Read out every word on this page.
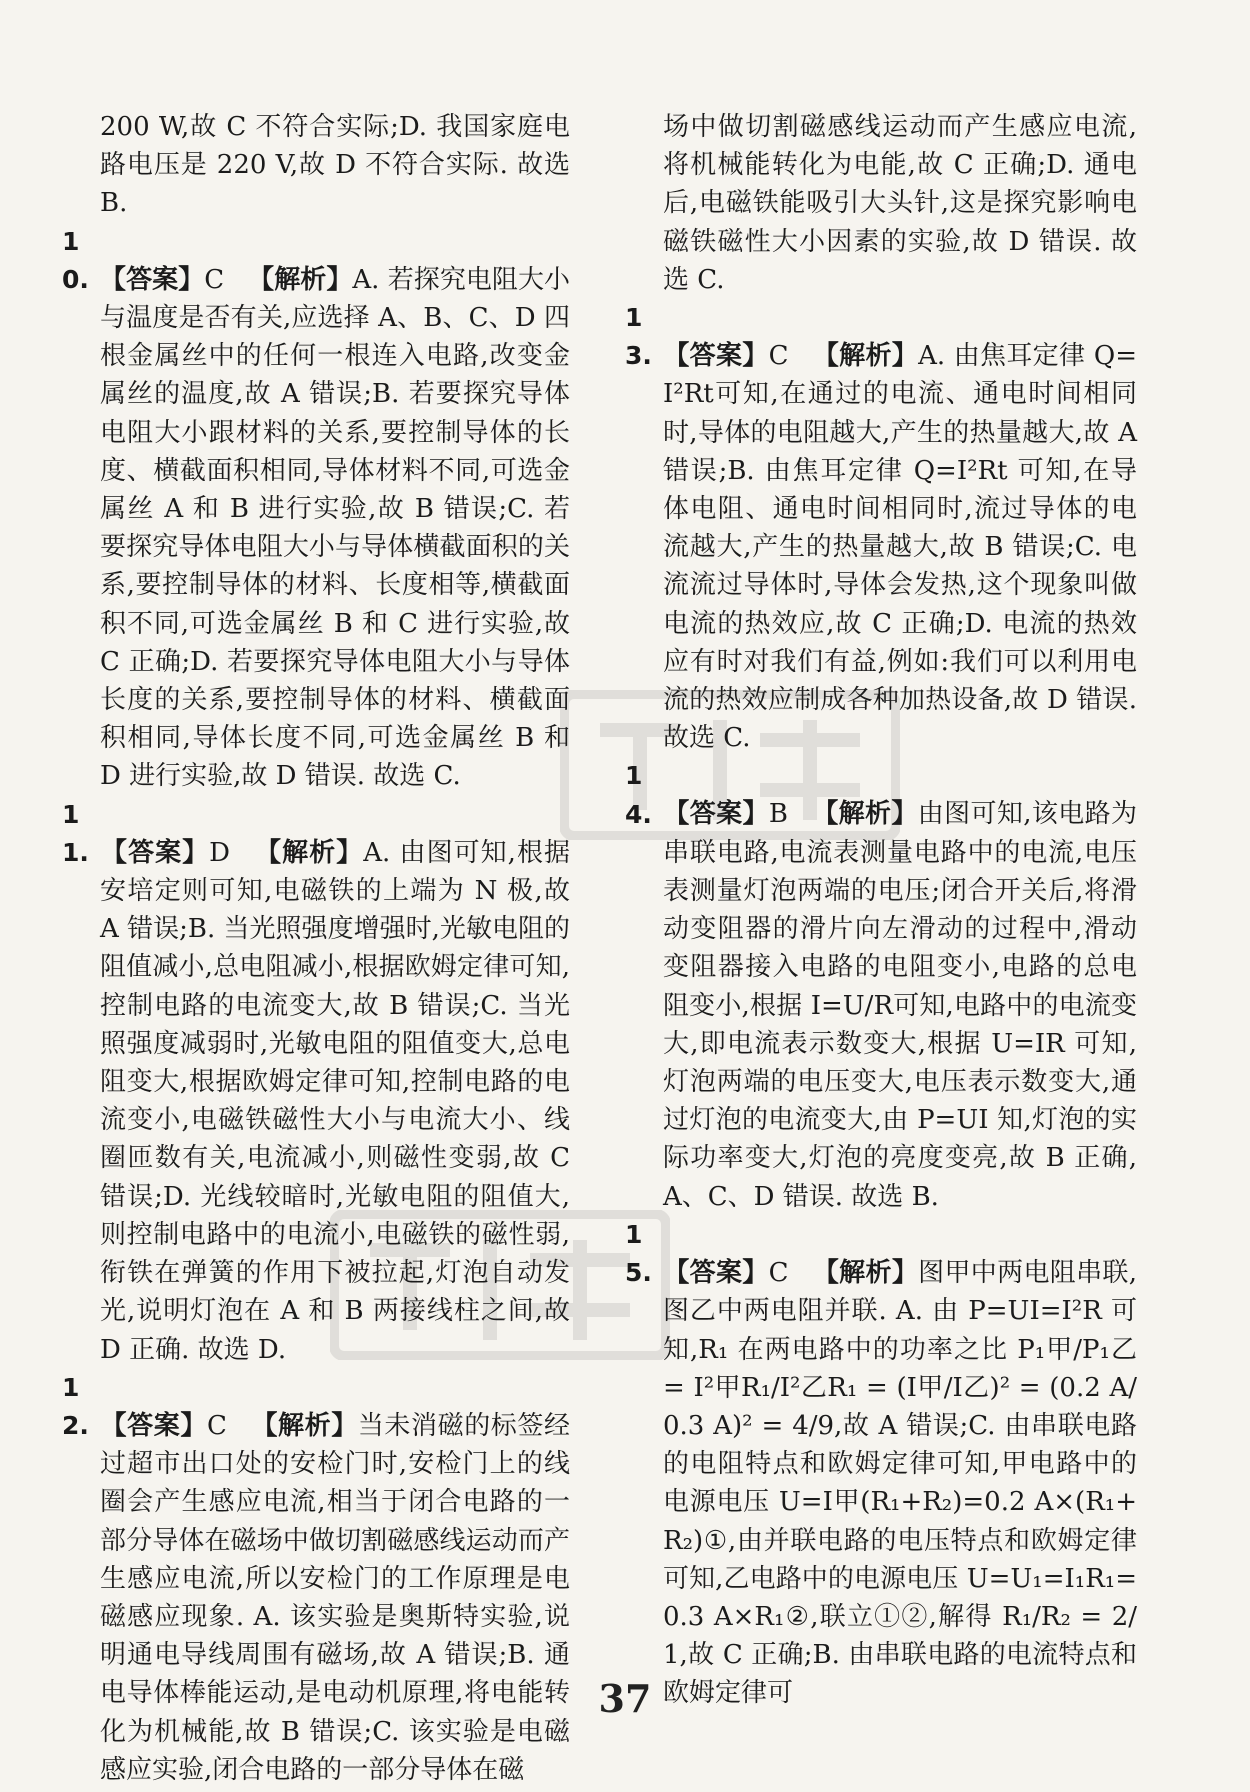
200 W,故 C 不符合实际;D. 我国家庭电路电压是 220 V,故 D 不符合实际. 故选 B.

10. 【答案】C 【解析】A. 若探究电阻大小与温度是否有关,应选择 A、B、C、D 四根金属丝中的任何一根连入电路,改变金属丝的温度,故 A 错误;B. 若要探究导体电阻大小跟材料的关系,要控制导体的长度、横截面积相同,导体材料不同,可选金属丝 A 和 B 进行实验,故 B 错误;C. 若要探究导体电阻大小与导体横截面积的关系,要控制导体的材料、长度相等,横截面积不同,可选金属丝 B 和 C 进行实验,故 C 正确;D. 若要探究导体电阻大小与导体长度的关系,要控制导体的材料、横截面积相同,导体长度不同,可选金属丝 B 和 D 进行实验,故 D 错误. 故选 C.

11. 【答案】D 【解析】A. 由图可知,根据安培定则可知,电磁铁的上端为 N 极,故 A 错误;B. 当光照强度增强时,光敏电阻的阻值减小,总电阻减小,根据欧姆定律可知,控制电路的电流变大,故 B 错误;C. 当光照强度减弱时,光敏电阻的阻值变大,总电阻变大,根据欧姆定律可知,控制电路的电流变小,电磁铁磁性大小与电流大小、线圈匝数有关,电流减小,则磁性变弱,故 C 错误;D. 光线较暗时,光敏电阻的阻值大,则控制电路中的电流小,电磁铁的磁性弱,衔铁在弹簧的作用下被拉起,灯泡自动发光,说明灯泡在 A 和 B 两接线柱之间,故 D 正确. 故选 D.

12. 【答案】C 【解析】当未消磁的标签经过超市出口处的安检门时,安检门上的线圈会产生感应电流,相当于闭合电路的一部分导体在磁场中做切割磁感线运动而产生感应电流,所以安检门的工作原理是电磁感应现象. A. 该实验是奥斯特实验,说明通电导线周围有磁场,故 A 错误;B. 通电导体棒能运动,是电动机原理,将电能转化为机械能,故 B 错误;C. 该实验是电磁感应实验,闭合电路的一部分导体在磁

场中做切割磁感线运动而产生感应电流,将机械能转化为电能,故 C 正确;D. 通电后,电磁铁能吸引大头针,这是探究影响电磁铁磁性大小因素的实验,故 D 错误. 故选 C.

13. 【答案】C 【解析】A. 由焦耳定律 Q=I²Rt可知,在通过的电流、通电时间相同时,导体的电阻越大,产生的热量越大,故 A 错误;B. 由焦耳定律 Q=I²Rt 可知,在导体电阻、通电时间相同时,流过导体的电流越大,产生的热量越大,故 B 错误;C. 电流流过导体时,导体会发热,这个现象叫做电流的热效应,故 C 正确;D. 电流的热效应有时对我们有益,例如:我们可以利用电流的热效应制成各种加热设备,故 D 错误. 故选 C.

14. 【答案】B 【解析】由图可知,该电路为串联电路,电流表测量电路中的电流,电压表测量灯泡两端的电压;闭合开关后,将滑动变阻器的滑片向左滑动的过程中,滑动变阻器接入电路的电阻变小,电路的总电阻变小,根据 I=U/R可知,电路中的电流变大,即电流表示数变大,根据 U=IR 可知,灯泡两端的电压变大,电压表示数变大,通过灯泡的电流变大,由 P=UI 知,灯泡的实际功率变大,灯泡的亮度变亮,故 B 正确,A、C、D 错误. 故选 B.

15. 【答案】C 【解析】图甲中两电阻串联,图乙中两电阻并联. A. 由 P=UI=I²R 可知,R₁ 在两电路中的功率之比 P₁甲/P₁乙 = I²甲R₁/I²乙R₁ = (I甲/I乙)² = (0.2 A/0.3 A)² = 4/9,故 A 错误;C. 由串联电路的电阻特点和欧姆定律可知,甲电路中的电源电压 U=I甲(R₁+R₂)=0.2 A×(R₁+R₂)①,由并联电路的电压特点和欧姆定律可知,乙电路中的电源电压 U=U₁=I₁R₁=0.3 A×R₁②,联立①②,解得 R₁/R₂ = 2/1,故 C 正确;B. 由串联电路的电流特点和欧姆定律可

37
